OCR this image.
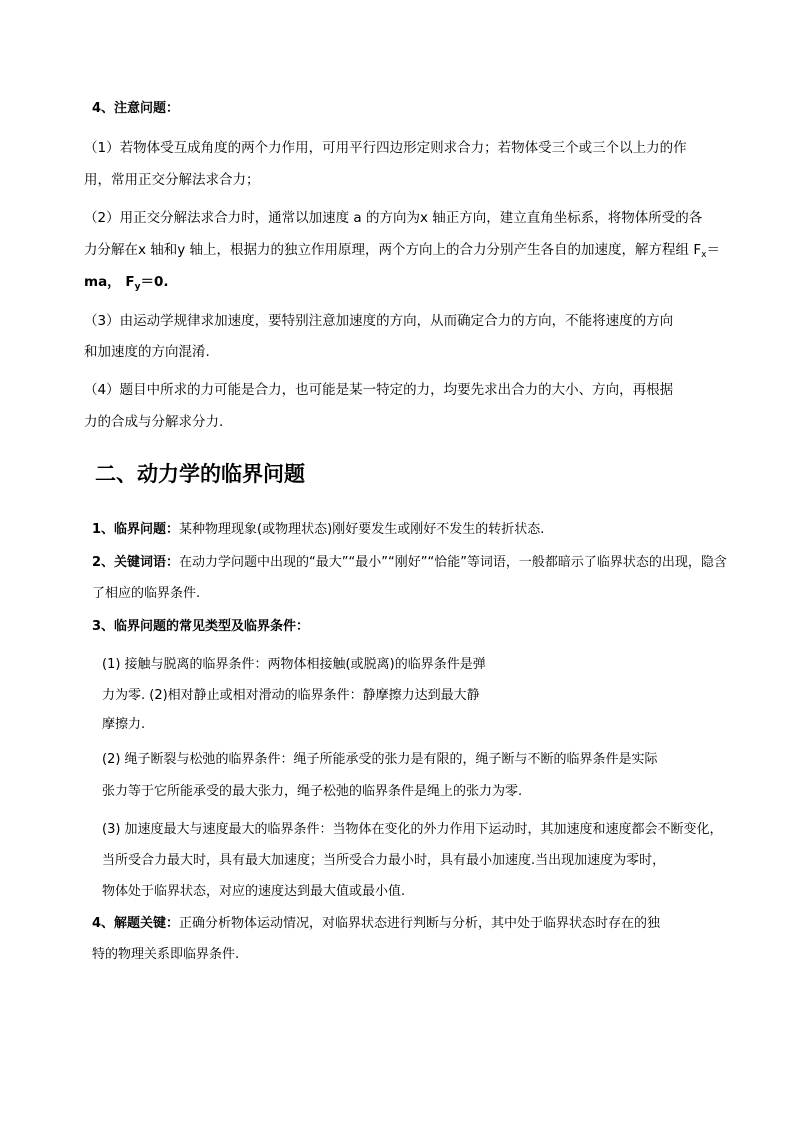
4、注意问题：
（1）若物体受互成角度的两个力作用，可用平行四边形定则求合力；若物体受三个或三个以上力的作
用，常用正交分解法求合力；
（2）用正交分解法求合力时，通常以加速度 a 的方向为x 轴正方向，建立直角坐标系，将物体所受的各
力分解在x 轴和y 轴上，根据力的独立作用原理，两个方向上的合力分别产生各自的加速度，解方程组 $F_x=$
ma， $F_y=0$.
（3）由运动学规律求加速度，要特别注意加速度的方向，从而确定合力的方向，不能将速度的方向
和加速度的方向混淆.
（4）题目中所求的力可能是合力，也可能是某一特定的力，均要先求出合力的大小、方向，再根据
力的合成与分解求分力.
二、动力学的临界问题
1、临界问题：某种物理现象(或物理状态)刚好要发生或刚好不发生的转折状态.
2、关键词语：在动力学问题中出现的“最大”“最小”“刚好”“恰能”等词语，一般都暗示了临界状态的出现，隐含
了相应的临界条件.
3、临界问题的常见类型及临界条件：
(1) 接触与脱离的临界条件：两物体相接触(或脱离)的临界条件是弹
力为零. (2)相对静止或相对滑动的临界条件：静摩擦力达到最大静
摩擦力.
(2) 绳子断裂与松弛的临界条件：绳子所能承受的张力是有限的，绳子断与不断的临界条件是实际
张力等于它所能承受的最大张力，绳子松弛的临界条件是绳上的张力为零.
(3) 加速度最大与速度最大的临界条件：当物体在变化的外力作用下运动时，其加速度和速度都会不断变化，
当所受合力最大时，具有最大加速度；当所受合力最小时，具有最小加速度.当出现加速度为零时，
物体处于临界状态，对应的速度达到最大值或最小值.
4、解题关键：正确分析物体运动情况，对临界状态进行判断与分析，其中处于临界状态时存在的独
特的物理关系即临界条件.
